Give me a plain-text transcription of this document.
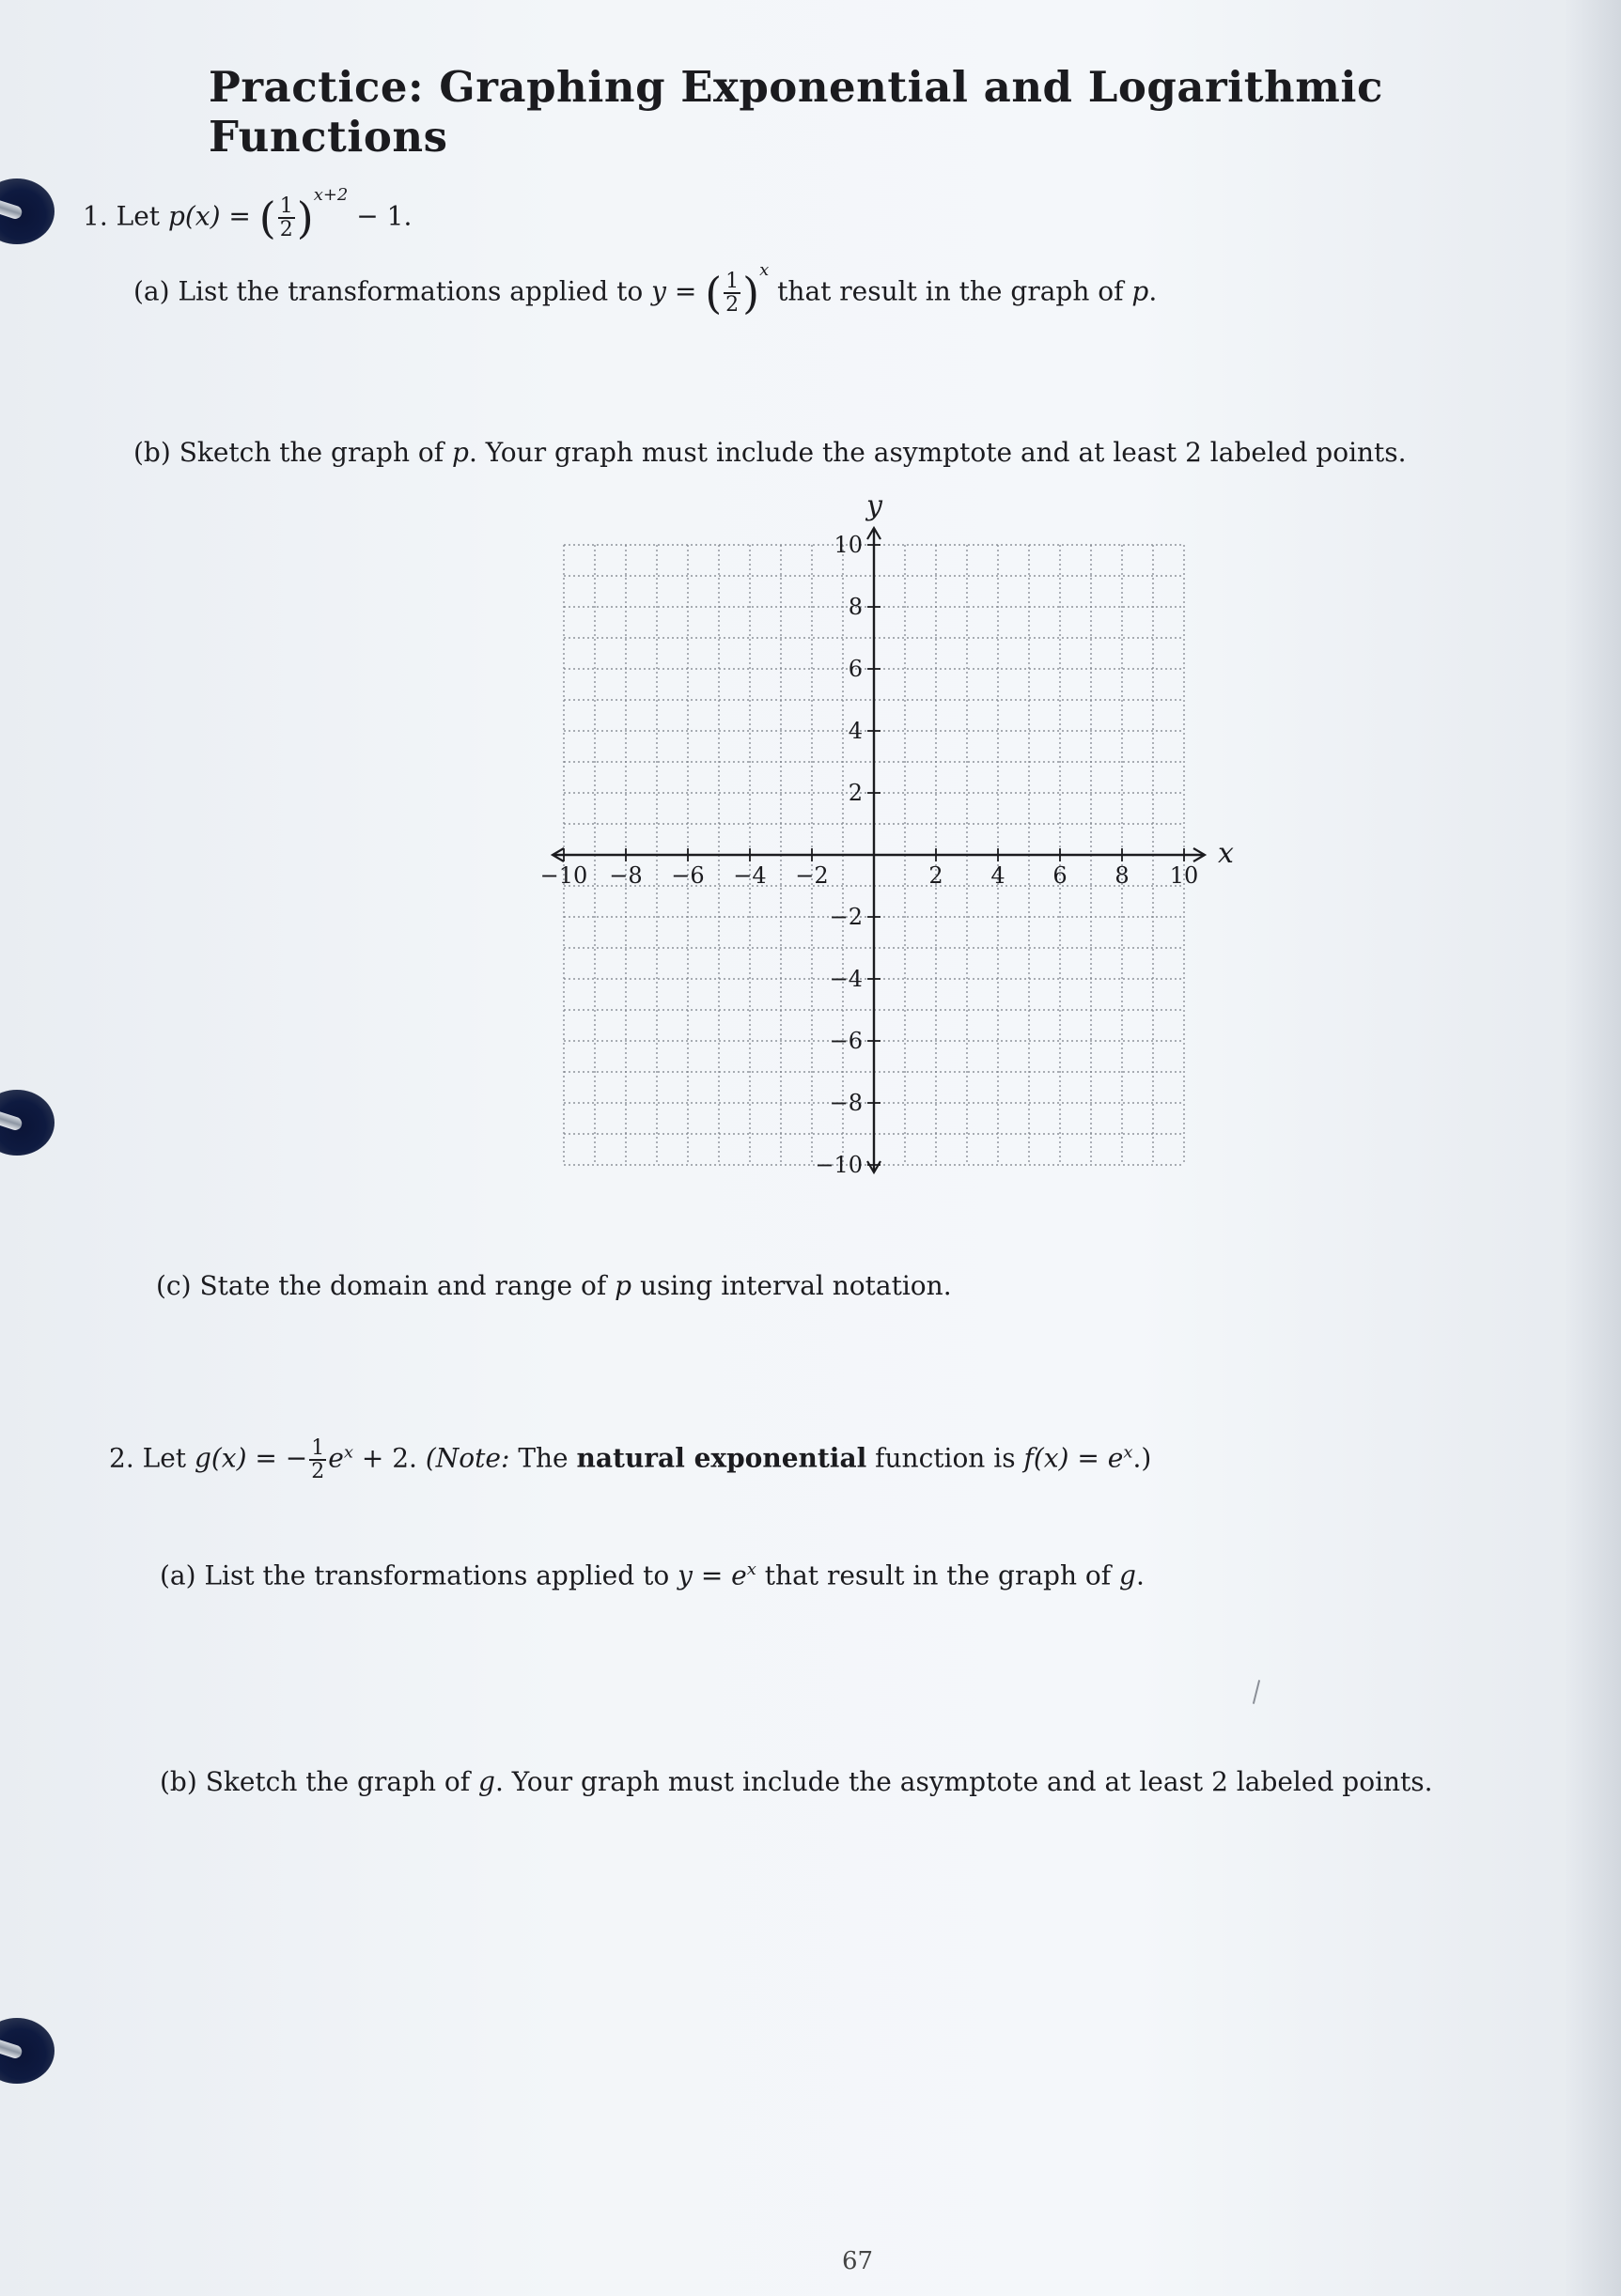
Practice: Graphing Exponential and Logarithmic Functions
1. Let p(x) = ( $\frac{1}{2} )^{x+2} - 1$.
(a) List the transformations applied to y = ( $\frac{1}{2} )^x$ that result in the graph of p.
(b) Sketch the graph of p. Your graph must include the asymptote and at least 2 labeled points.
x
y
−10 −8 −6 −4 −2	2 4 6 8 10
10
8
6
4
2
−2
−4
−6
−8
−10
(c) State the domain and range of p using interval notation.
2. Let g(x) = − $\frac{1}{2} e^x + 2$. (Note: The natural exponential function is $f(x) = e^x$.)
(a) List the transformations applied to $y = e^x$ that result in the graph of g.
(b) Sketch the graph of g. Your graph must include the asymptote and at least 2 labeled points.
67
